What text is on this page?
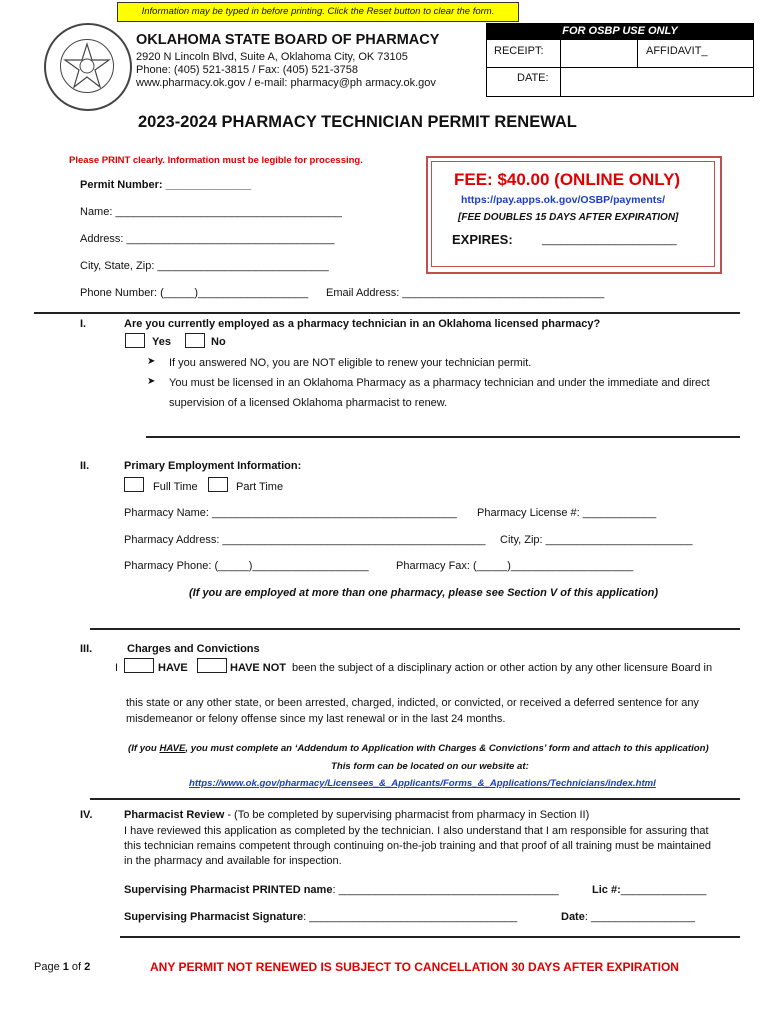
Information may be typed in before printing. Click the Reset button to clear the form.
OKLAHOMA STATE BOARD OF PHARMACY
2920 N Lincoln Blvd, Suite A, Oklahoma City, OK 73105
Phone: (405) 521-3815 / Fax: (405) 521-3758
www.pharmacy.ok.gov / e-mail: pharmacy@ph armacy.ok.gov
FOR OSBP USE ONLY
RECEIPT:	AFFIDAVIT_
DATE:
2023-2024 PHARMACY TECHNICIAN PERMIT RENEWAL
Please PRINT clearly. Information must be legible for processing.
Permit Number: ______________
Name: _____________________________________
Address: __________________________________
City, State, Zip: ____________________________
Phone Number: (_____)__________________ Email Address: _________________________________
FEE: $40.00 (ONLINE ONLY)
https://pay.apps.ok.gov/OSBP/payments/
[FEE DOUBLES 15 DAYS AFTER EXPIRATION]
EXPIRES:	______________________
I.	Are you currently employed as a pharmacy technician in an Oklahoma licensed pharmacy?
Yes	No
➤ If you answered NO, you are NOT eligible to renew your technician permit.
➤ You must be licensed in an Oklahoma Pharmacy as a pharmacy technician and under the immediate and direct
supervision of a licensed Oklahoma pharmacist to renew.
II.	Primary Employment Information:
Full Time	Part Time
Pharmacy Name: ________________________________________ Pharmacy License #: ____________
Pharmacy Address: ___________________________________________ City, Zip: ________________________
Pharmacy Phone: (_____)___________________ Pharmacy Fax: (_____)____________________
(If you are employed at more than one pharmacy, please see Section V of this application)
III.	Charges and Convictions
I	HAVE	HAVE NOT been the subject of a disciplinary action or other action by any other licensure Board in
this state or any other state, or been arrested, charged, indicted, or convicted, or received a deferred sentence for any
misdemeanor or felony offense since my last renewal or in the last 24 months.
(If you HAVE, you must complete an ‘Addendum to Application with Charges & Convictions’ form and attach to this application)
This form can be located on our website at:
https://www.ok.gov/pharmacy/Licensees_&_Applicants/Forms_&_Applications/Technicians/index.html
IV.	Pharmacist Review - (To be completed by supervising pharmacist from pharmacy in Section II)
I have reviewed this application as completed by the technician. I also understand that I am responsible for assuring that
this technician remains competent through continuing on-the-job training and that proof of all training must be maintained
in the pharmacy and available for inspection.
Supervising Pharmacist PRINTED name: ____________________________________	Lic #:______________
Supervising Pharmacist Signature: __________________________________	Date: _________________
Page 1 of 2	ANY PERMIT NOT RENEWED IS SUBJECT TO CANCELLATION 30 DAYS AFTER EXPIRATION
